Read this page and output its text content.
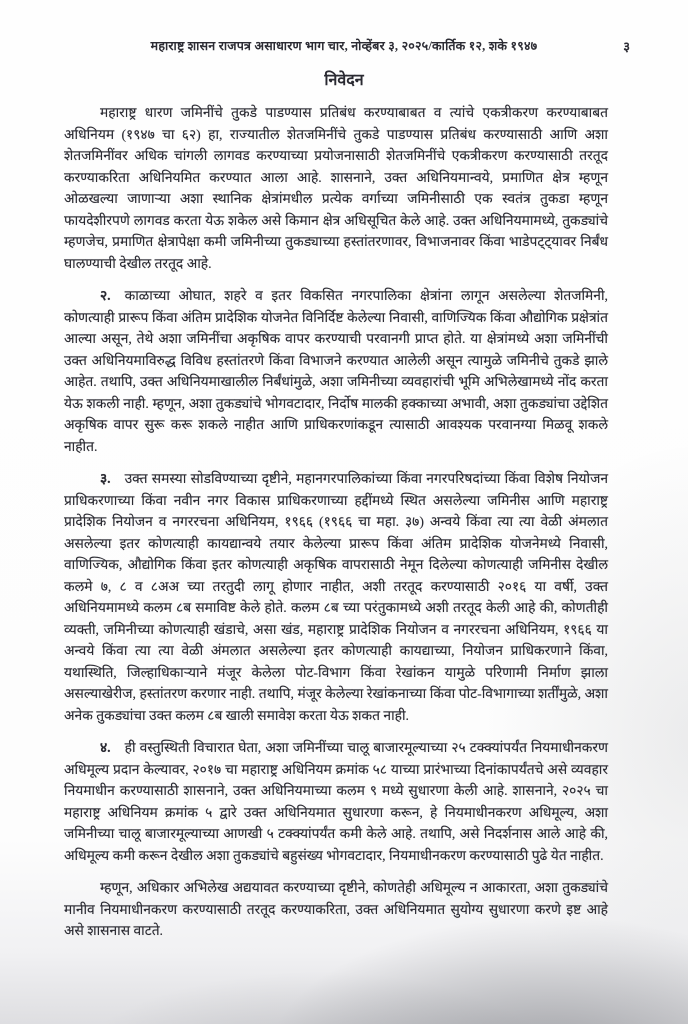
महाराष्ट्र शासन राजपत्र असाधारण भाग चार, नोव्हेंबर ३, २०२५/कार्तिक १२, शके १९४७	३
निवेदन

महाराष्ट्र धारण जमिनींचे तुकडे पाडण्यास प्रतिबंध करण्याबाबत व त्यांचे एकत्रीकरण करण्याबाबत अधिनियम (१९४७ चा ६२) हा, राज्यातील शेतजमिनींचे तुकडे पाडण्यास प्रतिबंध करण्यासाठी आणि अशा शेतजमिनींवर अधिक चांगली लागवड करण्याच्या प्रयोजनासाठी शेतजमिनींचे एकत्रीकरण करण्यासाठी तरतूद करण्याकरिता अधिनियमित करण्यात आला आहे. शासनाने, उक्त अधिनियमान्वये, प्रमाणित क्षेत्र म्हणून ओळखल्या जाणाऱ्या अशा स्थानिक क्षेत्रांमधील प्रत्येक वर्गाच्या जमिनीसाठी एक स्वतंत्र तुकडा म्हणून फायदेशीरपणे लागवड करता येऊ शकेल असे किमान क्षेत्र अधिसूचित केले आहे. उक्त अधिनियमामध्ये, तुकड्यांचे म्हणजेच, प्रमाणित क्षेत्रापेक्षा कमी जमिनीच्या तुकड्याच्या हस्तांतरणावर, विभाजनावर किंवा भाडेपट्ट्यावर निर्बंध घालण्याची देखील तरतूद आहे.

२. काळाच्या ओघात, शहरे व इतर विकसित नगरपालिका क्षेत्रांना लागून असलेल्या शेतजमिनी, कोणत्याही प्रारूप किंवा अंतिम प्रादेशिक योजनेत विनिर्दिष्ट केलेल्या निवासी, वाणिज्यिक किंवा औद्योगिक प्रक्षेत्रांत आल्या असून, तेथे अशा जमिनींचा अकृषिक वापर करण्याची परवानगी प्राप्त होते. या क्षेत्रांमध्ये अशा जमिनींची उक्त अधिनियमाविरुद्ध विविध हस्तांतरणे किंवा विभाजने करण्यात आलेली असून त्यामुळे जमिनीचे तुकडे झाले आहेत. तथापि, उक्त अधिनियमाखालील निर्बंधांमुळे, अशा जमिनीच्या व्यवहारांची भूमि अभिलेखामध्ये नोंद करता येऊ शकली नाही. म्हणून, अशा तुकड्यांचे भोगवटादार, निर्दोष मालकी हक्काच्या अभावी, अशा तुकड्यांचा उद्देशित अकृषिक वापर सुरू करू शकले नाहीत आणि प्राधिकरणांकडून त्यासाठी आवश्यक परवानग्या मिळवू शकले नाहीत.

३. उक्त समस्या सोडविण्याच्या दृष्टीने, महानगरपालिकांच्या किंवा नगरपरिषदांच्या किंवा विशेष नियोजन प्राधिकरणाच्या किंवा नवीन नगर विकास प्राधिकरणाच्या हद्दींमध्ये स्थित असलेल्या जमिनीस आणि महाराष्ट्र प्रादेशिक नियोजन व नगररचना अधिनियम, १९६६ (१९६६ चा महा. ३७) अन्वये किंवा त्या त्या वेळी अंमलात असलेल्या इतर कोणत्याही कायद्यान्वये तयार केलेल्या प्रारूप किंवा अंतिम प्रादेशिक योजनेमध्ये निवासी, वाणिज्यिक, औद्योगिक किंवा इतर कोणत्याही अकृषिक वापरासाठी नेमून दिलेल्या कोणत्याही जमिनीस देखील कलमे ७, ८ व ८अअ च्या तरतुदी लागू होणार नाहीत, अशी तरतूद करण्यासाठी २०१६ या वर्षी, उक्त अधिनियमामध्ये कलम ८ब समाविष्ट केले होते. कलम ८ब च्या परंतुकामध्ये अशी तरतूद केली आहे की, कोणतीही व्यक्ती, जमिनीच्या कोणत्याही खंडाचे, असा खंड, महाराष्ट्र प्रादेशिक नियोजन व नगररचना अधिनियम, १९६६ या अन्वये किंवा त्या त्या वेळी अंमलात असलेल्या इतर कोणत्याही कायद्याच्या, नियोजन प्राधिकरणाने किंवा, यथास्थिति, जिल्हाधिकाऱ्याने मंजूर केलेला पोट-विभाग किंवा रेखांकन यामुळे परिणामी निर्माण झाला असल्याखेरीज, हस्तांतरण करणार नाही. तथापि, मंजूर केलेल्या रेखांकनाच्या किंवा पोट-विभागाच्या शर्तींमुळे, अशा अनेक तुकड्यांचा उक्त कलम ८ब खाली समावेश करता येऊ शकत नाही.

४. ही वस्तुस्थिती विचारात घेता, अशा जमिनींच्या चालू बाजारमूल्याच्या २५ टक्क्यांपर्यंत नियमाधीनकरण अधिमूल्य प्रदान केल्यावर, २०१७ चा महाराष्ट्र अधिनियम क्रमांक ५८ याच्या प्रारंभाच्या दिनांकापर्यंतचे असे व्यवहार नियमाधीन करण्यासाठी शासनाने, उक्त अधिनियमाच्या कलम ९ मध्ये सुधारणा केली आहे. शासनाने, २०२५ चा महाराष्ट्र अधिनियम क्रमांक ५ द्वारे उक्त अधिनियमात सुधारणा करून, हे नियमाधीनकरण अधिमूल्य, अशा जमिनीच्या चालू बाजारमूल्याच्या आणखी ५ टक्क्यांपर्यंत कमी केले आहे. तथापि, असे निदर्शनास आले आहे की, अधिमूल्य कमी करून देखील अशा तुकड्यांचे बहुसंख्य भोगवटादार, नियमाधीनकरण करण्यासाठी पुढे येत नाहीत.

म्हणून, अधिकार अभिलेख अद्ययावत करण्याच्या दृष्टीने, कोणतेही अधिमूल्य न आकारता, अशा तुकड्यांचे मानीव नियमाधीनकरण करण्यासाठी तरतूद करण्याकरिता, उक्त अधिनियमात सुयोग्य सुधारणा करणे इष्ट आहे असे शासनास वाटते.
